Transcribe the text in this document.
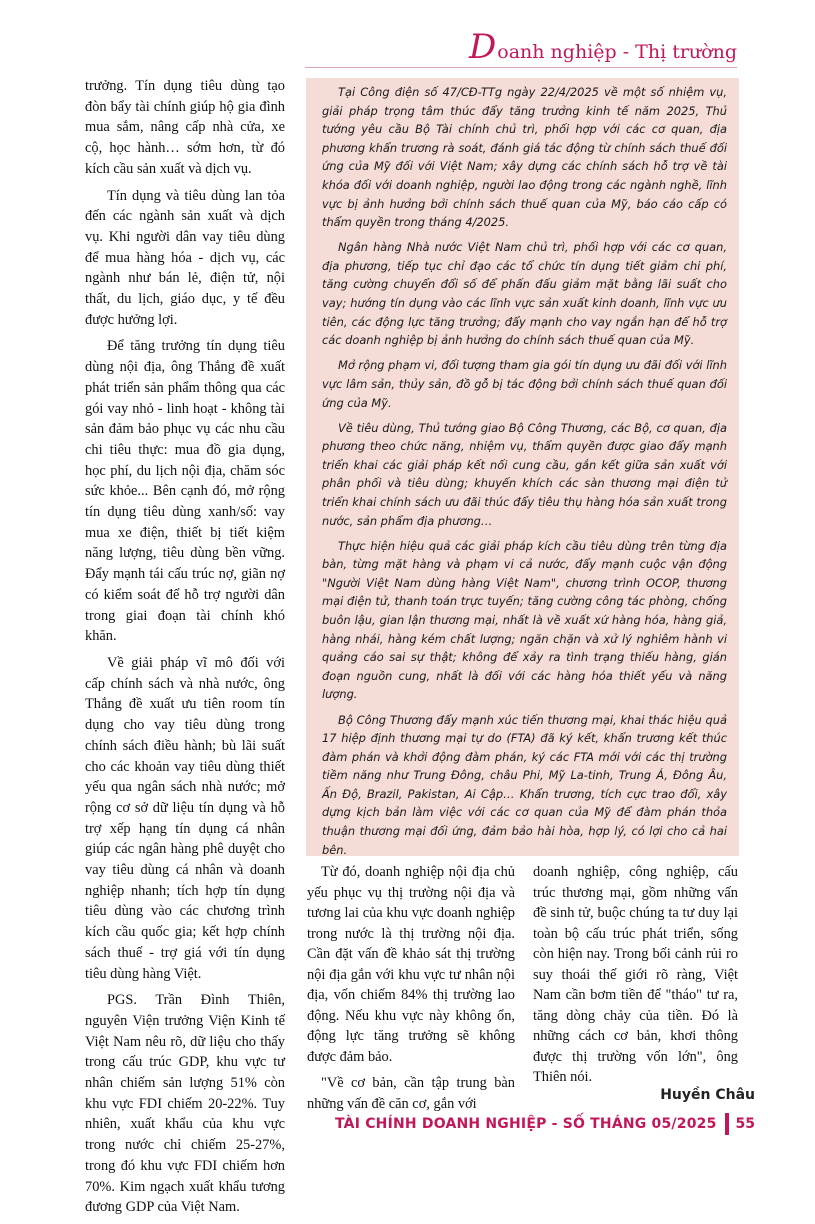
D oanh nghiệp - Thị trường

trưởng. Tín dụng tiêu dùng tạo đòn bẩy tài chính giúp hộ gia đình mua sắm, nâng cấp nhà cửa, xe cộ, học hành… sớm hơn, từ đó kích cầu sản xuất và dịch vụ.

Tín dụng và tiêu dùng lan tỏa đến các ngành sản xuất và dịch vụ. Khi người dân vay tiêu dùng để mua hàng hóa - dịch vụ, các ngành như bán lẻ, điện tử, nội thất, du lịch, giáo dục, y tế đều được hưởng lợi.

Để tăng trưởng tín dụng tiêu dùng nội địa, ông Thắng đề xuất phát triển sản phẩm thông qua các gói vay nhỏ - linh hoạt - không tài sản đảm bảo phục vụ các nhu cầu chi tiêu thực: mua đồ gia dụng, học phí, du lịch nội địa, chăm sóc sức khỏe... Bên cạnh đó, mở rộng tín dụng tiêu dùng xanh/số: vay mua xe điện, thiết bị tiết kiệm năng lượng, tiêu dùng bền vững. Đẩy mạnh tái cấu trúc nợ, giãn nợ có kiểm soát để hỗ trợ người dân trong giai đoạn tài chính khó khăn.

Về giải pháp vĩ mô đối với cấp chính sách và nhà nước, ông Thắng đề xuất ưu tiên room tín dụng cho vay tiêu dùng trong chính sách điều hành; bù lãi suất cho các khoản vay tiêu dùng thiết yếu qua ngân sách nhà nước; mở rộng cơ sở dữ liệu tín dụng và hỗ trợ xếp hạng tín dụng cá nhân giúp các ngân hàng phê duyệt cho vay tiêu dùng cá nhân và doanh nghiệp nhanh; tích hợp tín dụng tiêu dùng vào các chương trình kích cầu quốc gia; kết hợp chính sách thuế - trợ giá với tín dụng tiêu dùng hàng Việt.

PGS. Trần Đình Thiên, nguyên Viện trưởng Viện Kinh tế Việt Nam nêu rõ, dữ liệu cho thấy trong cấu trúc GDP, khu vực tư nhân chiếm sản lượng 51% còn khu vực FDI chiếm 20-22%. Tuy nhiên, xuất khẩu của khu vực trong nước chỉ chiếm 25-27%, trong đó khu vực FDI chiếm hơn 70%. Kim ngạch xuất khẩu tương đương GDP của Việt Nam.

Tại Công điện số 47/CĐ-TTg ngày 22/4/2025 về một số nhiệm vụ, giải pháp trọng tâm thúc đẩy tăng trưởng kinh tế năm 2025, Thủ tướng yêu cầu Bộ Tài chính chủ trì, phối hợp với các cơ quan, địa phương khẩn trương rà soát, đánh giá tác động từ chính sách thuế đối ứng của Mỹ đối với Việt Nam; xây dựng các chính sách hỗ trợ về tài khóa đối với doanh nghiệp, người lao động trong các ngành nghề, lĩnh vực bị ảnh hưởng bởi chính sách thuế quan của Mỹ, báo cáo cấp có thẩm quyền trong tháng 4/2025.

Ngân hàng Nhà nước Việt Nam chủ trì, phối hợp với các cơ quan, địa phương, tiếp tục chỉ đạo các tổ chức tín dụng tiết giảm chi phí, tăng cường chuyển đổi số để phấn đấu giảm mặt bằng lãi suất cho vay; hướng tín dụng vào các lĩnh vực sản xuất kinh doanh, lĩnh vực ưu tiên, các động lực tăng trưởng; đẩy mạnh cho vay ngắn hạn để hỗ trợ các doanh nghiệp bị ảnh hưởng do chính sách thuế quan của Mỹ.

Mở rộng phạm vi, đối tượng tham gia gói tín dụng ưu đãi đối với lĩnh vực lâm sản, thủy sản, đồ gỗ bị tác động bởi chính sách thuế quan đối ứng của Mỹ.

Về tiêu dùng, Thủ tướng giao Bộ Công Thương, các Bộ, cơ quan, địa phương theo chức năng, nhiệm vụ, thẩm quyền được giao đẩy mạnh triển khai các giải pháp kết nối cung cầu, gắn kết giữa sản xuất với phân phối và tiêu dùng; khuyến khích các sàn thương mại điện tử triển khai chính sách ưu đãi thúc đẩy tiêu thụ hàng hóa sản xuất trong nước, sản phẩm địa phương…

Thực hiện hiệu quả các giải pháp kích cầu tiêu dùng trên từng địa bàn, từng mặt hàng và phạm vi cả nước, đẩy mạnh cuộc vận động "Người Việt Nam dùng hàng Việt Nam", chương trình OCOP, thương mại điện tử, thanh toán trực tuyến; tăng cường công tác phòng, chống buôn lậu, gian lận thương mại, nhất là về xuất xứ hàng hóa, hàng giả, hàng nhái, hàng kém chất lượng; ngăn chặn và xử lý nghiêm hành vi quảng cáo sai sự thật; không để xảy ra tình trạng thiếu hàng, gián đoạn nguồn cung, nhất là đối với các hàng hóa thiết yếu và năng lượng.

Bộ Công Thương đẩy mạnh xúc tiến thương mại, khai thác hiệu quả 17 hiệp định thương mại tự do (FTA) đã ký kết, khẩn trương kết thúc đàm phán và khởi động đàm phán, ký các FTA mới với các thị trường tiềm năng như Trung Đông, châu Phi, Mỹ La-tinh, Trung Á, Đông Âu, Ấn Độ, Brazil, Pakistan, Ai Cập… Khẩn trương, tích cực trao đổi, xây dựng kịch bản làm việc với các cơ quan của Mỹ để đàm phán thỏa thuận thương mại đối ứng, đảm bảo hài hòa, hợp lý, có lợi cho cả hai bên.

Từ đó, doanh nghiệp nội địa chủ yếu phục vụ thị trường nội địa và tương lai của khu vực doanh nghiệp trong nước là thị trường nội địa. Cần đặt vấn đề khảo sát thị trường nội địa gắn với khu vực tư nhân nội địa, vốn chiếm 84% thị trường lao động. Nếu khu vực này không ổn, động lực tăng trưởng sẽ không được đảm bảo.

"Về cơ bản, cần tập trung bàn những vấn đề căn cơ, gắn với

doanh nghiệp, công nghiệp, cấu trúc thương mại, gồm những vấn đề sinh tử, buộc chúng ta tư duy lại toàn bộ cấu trúc phát triển, sống còn hiện nay. Trong bối cảnh rủi ro suy thoái thế giới rõ ràng, Việt Nam cần bơm tiền để "tháo" tư ra, tăng dòng chảy của tiền. Đó là những cách cơ bản, khơi thông được thị trường vốn lớn", ông Thiên nói.

Huyền Châu
TÀI CHÍNH DOANH NGHIỆP - SỐ THÁNG 05/2025 55
